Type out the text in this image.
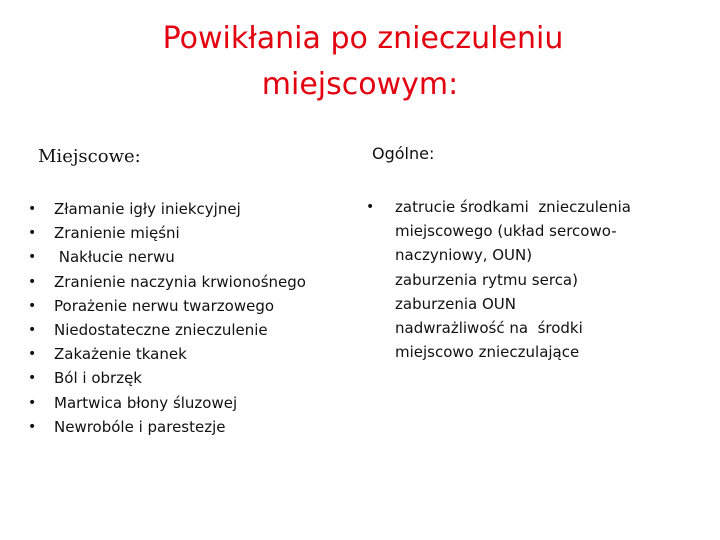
Powikłania po znieczuleniu
miejscowym:
Miejscowe:	Ogólne:
• Złamanie igły iniekcyjnej
• Zranienie mięśni
• Nakłucie nerwu
• Zranienie naczynia krwionośnego
• Porażenie nerwu twarzowego
• Niedostateczne znieczulenie
• Zakażenie tkanek
• Ból i obrzęk
• Martwica błony śluzowej
• Newrobóle i parestezje
• zatrucie środkami  znieczulenia
miejscowego (układ sercowo-
naczyniowy, OUN)
zaburzenia rytmu serca)
zaburzenia OUN
nadwrażliwość na  środki
miejscowo znieczulające
